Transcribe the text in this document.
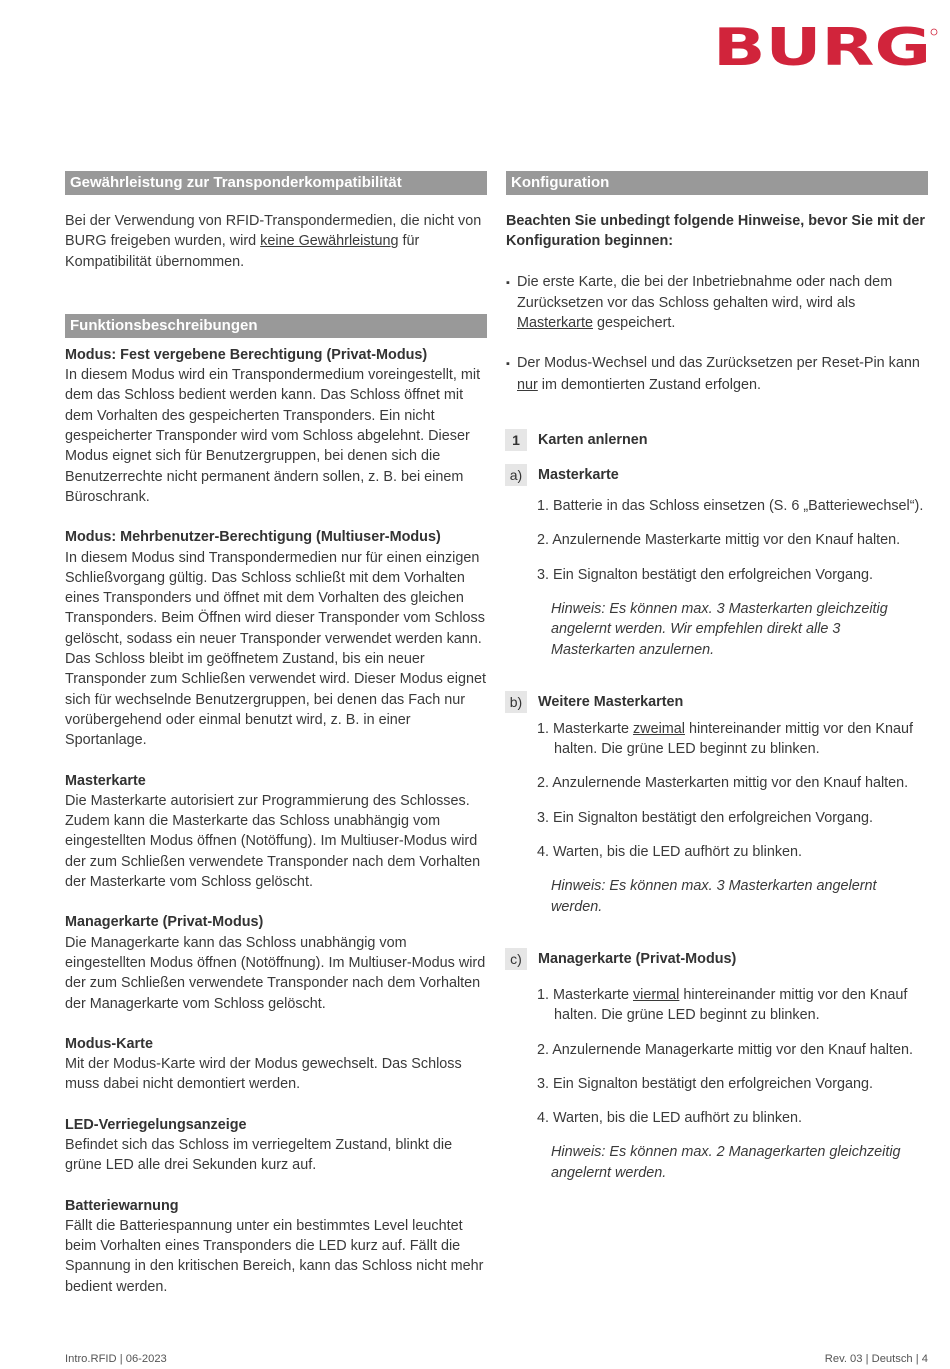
BURG
Gewährleistung zur Transponderkompatibilität

Bei der Verwendung von RFID-Transpondermedien, die nicht von BURG freigeben wurden, wird keine Gewährleistung für Kompatibilität übernommen.

Funktionsbeschreibungen

Modus: Fest vergebene Berechtigung (Privat-Modus)

In diesem Modus wird ein Transpondermedium voreingestellt, mit dem das Schloss bedient werden kann. Das Schloss öffnet mit dem Vorhalten des gespeicherten Transponders. Ein nicht gespeicherter Transponder wird vom Schloss abgelehnt. Dieser Modus eignet sich für Benutzergruppen, bei denen sich die Benutzerrechte nicht permanent ändern sollen, z. B. bei einem Büroschrank.

Modus: Mehrbenutzer-Berechtigung (Multiuser-Modus)

In diesem Modus sind Transpondermedien nur für einen einzigen Schließvorgang gültig. Das Schloss schließt mit dem Vorhalten eines Transponders und öffnet mit dem Vorhalten des gleichen Transponders. Beim Öffnen wird dieser Transponder vom Schloss gelöscht, sodass ein neuer Transponder verwendet werden kann. Das Schloss bleibt im geöffnetem Zustand, bis ein neuer Transponder zum Schließen verwendet wird. Dieser Modus eignet sich für wechselnde Benutzergruppen, bei denen das Fach nur vorübergehend oder einmal benutzt wird, z. B. in einer Sportanlage.

Masterkarte

Die Masterkarte autorisiert zur Programmierung des Schlosses. Zudem kann die Masterkarte das Schloss unabhängig vom eingestellten Modus öffnen (Notöffung). Im Multiuser-Modus wird der zum Schließen verwendete Transponder nach dem Vorhalten der Masterkarte vom Schloss gelöscht.

Managerkarte (Privat-Modus)

Die Managerkarte kann das Schloss unabhängig vom eingestellten Modus öffnen (Notöffnung). Im Multiuser-Modus wird der zum Schließen verwendete Transponder nach dem Vorhalten der Managerkarte vom Schloss gelöscht.

Modus-Karte

Mit der Modus-Karte wird der Modus gewechselt. Das Schloss muss dabei nicht demontiert werden.

LED-Verriegelungsanzeige

Befindet sich das Schloss im verriegeltem Zustand, blinkt die grüne LED alle drei Sekunden kurz auf.

Batteriewarnung

Fällt die Batteriespannung unter ein bestimmtes Level leuchtet beim Vorhalten eines Transponders die LED kurz auf. Fällt die Spannung in den kritischen Bereich, kann das Schloss nicht mehr bedient werden.

Konfiguration

Beachten Sie unbedingt folgende Hinweise, bevor Sie mit der Konfiguration beginnen:

▪ Die erste Karte, die bei der Inbetriebnahme oder nach dem Zurücksetzen vor das Schloss gehalten wird, wird als Masterkarte gespeichert.

▪ Der Modus-Wechsel und das Zurücksetzen per Reset-Pin kann nur im demontierten Zustand erfolgen.

1	Karten anlernen
a)	Masterkarte
1. Batterie in das Schloss einsetzen (S. 6 „Batteriewechsel“).
2. Anzulernende Masterkarte mittig vor den Knauf halten.
3. Ein Signalton bestätigt den erfolgreichen Vorgang.

Hinweis: Es können max. 3 Masterkarten gleichzeitig angelernt werden. Wir empfehlen direkt alle 3 Masterkarten anzulernen.

b)	Weitere Masterkarten
1. Masterkarte zweimal hintereinander mittig vor den Knauf halten. Die grüne LED beginnt zu blinken.
2. Anzulernende Masterkarten mittig vor den Knauf halten.
3. Ein Signalton bestätigt den erfolgreichen Vorgang.
4. Warten, bis die LED aufhört zu blinken.

Hinweis: Es können max. 3 Masterkarten angelernt werden.

c)	Managerkarte (Privat-Modus)
1. Masterkarte viermal hintereinander mittig vor den Knauf halten. Die grüne LED beginnt zu blinken.
2. Anzulernende Managerkarte mittig vor den Knauf halten.
3. Ein Signalton bestätigt den erfolgreichen Vorgang.
4. Warten, bis die LED aufhört zu blinken.

Hinweis: Es können max. 2 Managerkarten gleichzeitig angelernt werden.

Intro.RFID | 06-2023	Rev. 03 | Deutsch | 4
